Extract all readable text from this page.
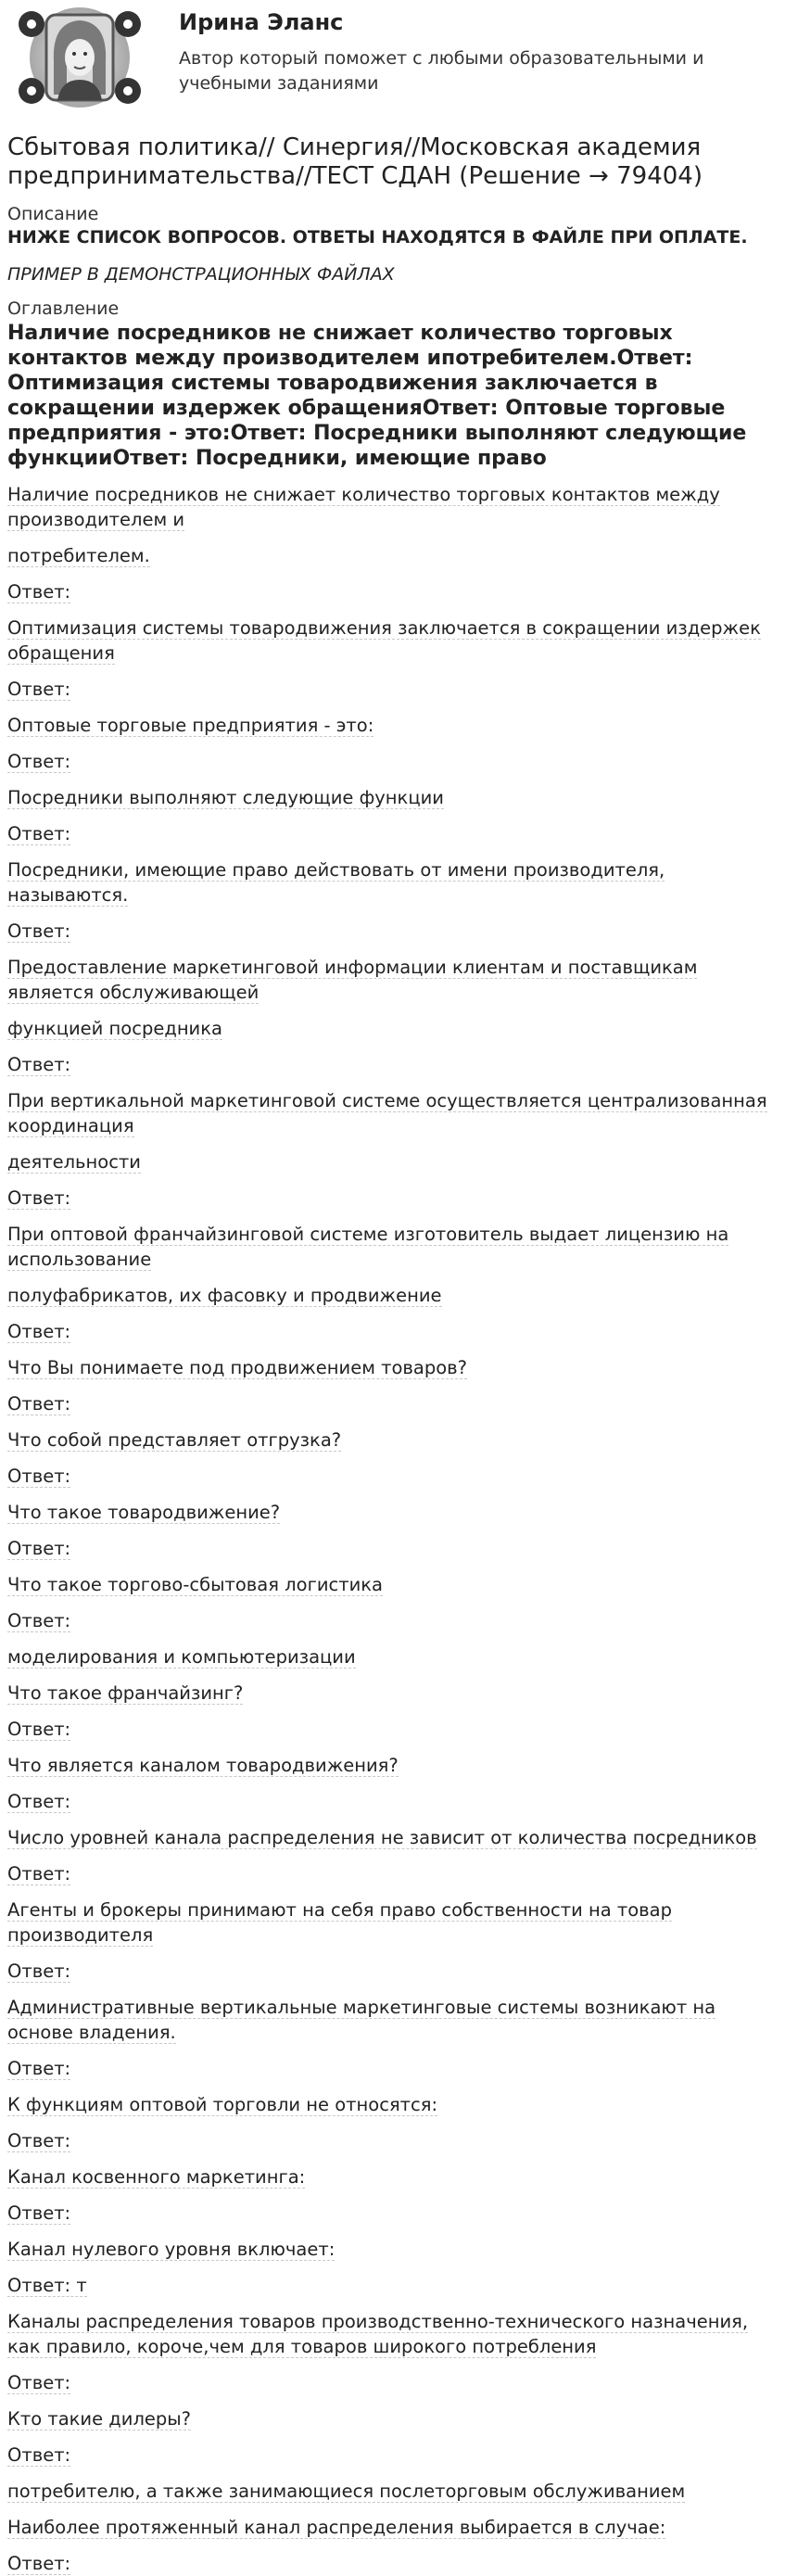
Ирина Эланс
Автор который поможет с любыми образовательными и учебными заданиями
Сбытовая политика// Синергия//Московская академия предпринимательства//ТЕСТ СДАН (Решение → 79404)
Описание
НИЖЕ СПИСОК ВОПРОСОВ. ОТВЕТЫ НАХОДЯТСЯ В ФАЙЛЕ ПРИ ОПЛАТЕ.
ПРИМЕР В ДЕМОНСТРАЦИОННЫХ ФАЙЛАХ
Оглавление
Наличие посредников не снижает количество торговых контактов между производителем ипотребителем.Ответ: Оптимизация системы товародвижения заключается в сокращении издержек обращенияОтвет: Оптовые торговые предприятия - это:Ответ: Посредники выполняют следующие функцииОтвет: Посредники, имеющие право
Наличие посредников не снижает количество торговых контактов между производителем и
потребителем.
Ответ:
Оптимизация системы товародвижения заключается в сокращении издержек обращения
Ответ:
Оптовые торговые предприятия - это:
Ответ:
Посредники выполняют следующие функции
Ответ:
Посредники, имеющие право действовать от имени производителя, называются.
Ответ:
Предоставление маркетинговой информации клиентам и поставщикам является обслуживающей
функцией посредника
Ответ:
При вертикальной маркетинговой системе осуществляется централизованная координация
деятельности
Ответ:
При оптовой франчайзинговой системе изготовитель выдает лицензию на использование
полуфабрикатов, их фасовку и продвижение
Ответ:
Что Вы понимаете под продвижением товаров?
Ответ:
Что собой представляет отгрузка?
Ответ:
Что такое товародвижение?
Ответ:
Что такое торгово-сбытовая логистика
Ответ:
моделирования и компьютеризации
Что такое франчайзинг?
Ответ:
Что является каналом товародвижения?
Ответ:
Число уровней канала распределения не зависит от количества посредников
Ответ:
Агенты и брокеры принимают на себя право собственности на товар производителя
Ответ:
Административные вертикальные маркетинговые системы возникают на основе владения.
Ответ:
К функциям оптовой торговли не относятся:
Ответ:
Канал косвенного маркетинга:
Ответ:
Канал нулевого уровня включает:
Ответ: т
Каналы распределения товаров производственно-технического назначения, как правило, короче,чем для товаров широкого потребления
Ответ:
Кто такие дилеры?
Ответ:
потребителю, а также занимающиеся послеторговым обслуживанием
Наиболее протяженный канал распределения выбирается в случае:
Ответ:
